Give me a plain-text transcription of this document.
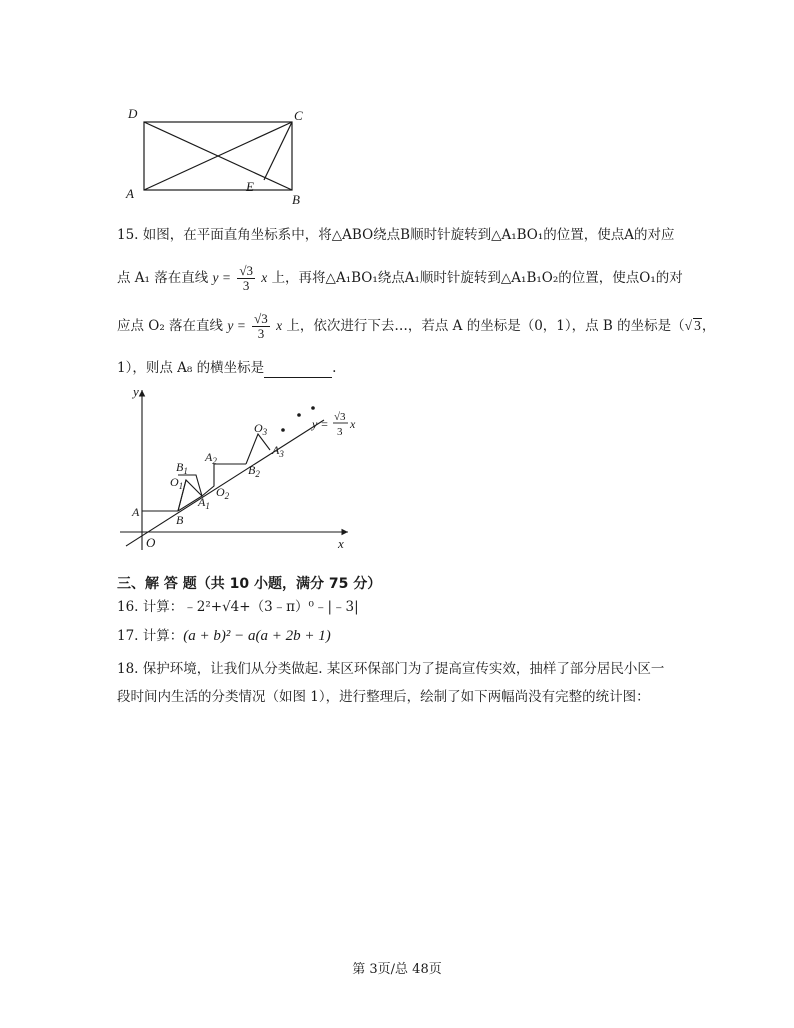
D	C
A	B
E
15. 如图，在平面直角坐标系中，将△ABO绕点B顺时针旋转到△A₁BO₁的位置，使点A的对应
点 A₁ 落在直线 $y = \frac{√3}{3}$ x 上，再将△A₁BO₁绕点A₁顺时针旋转到△A₁B₁O₂的位置，使点O₁的对
应点 O₂ 落在直线 $y = \frac{√3}{3}$ x 上，依次进行下去…，若点 A 的坐标是（0，1），点 B 的坐标是（√ 3，
1），则点 A₈ 的横坐标是	.
y
x
O
A
B
$O_1$
$B_1$
$A_1$
$O_2$
$A_2$
$B_2$
$O_3$
$A_3$
y = √3
3
x
三、解 答 题（共 10 小题，满分 75 分）
16. 计算：﹣2²+√4+（3﹣π）⁰﹣|﹣3|
17. 计算：(a + b)² − a(a + 2b + 1)
18. 保护环境，让我们从分类做起. 某区环保部门为了提高宣传实效，抽样了部分居民小区一
段时间内生活的分类情况（如图 1），进行整理后，绘制了如下两幅尚没有完整的统计图：
第 3页/总 48页
